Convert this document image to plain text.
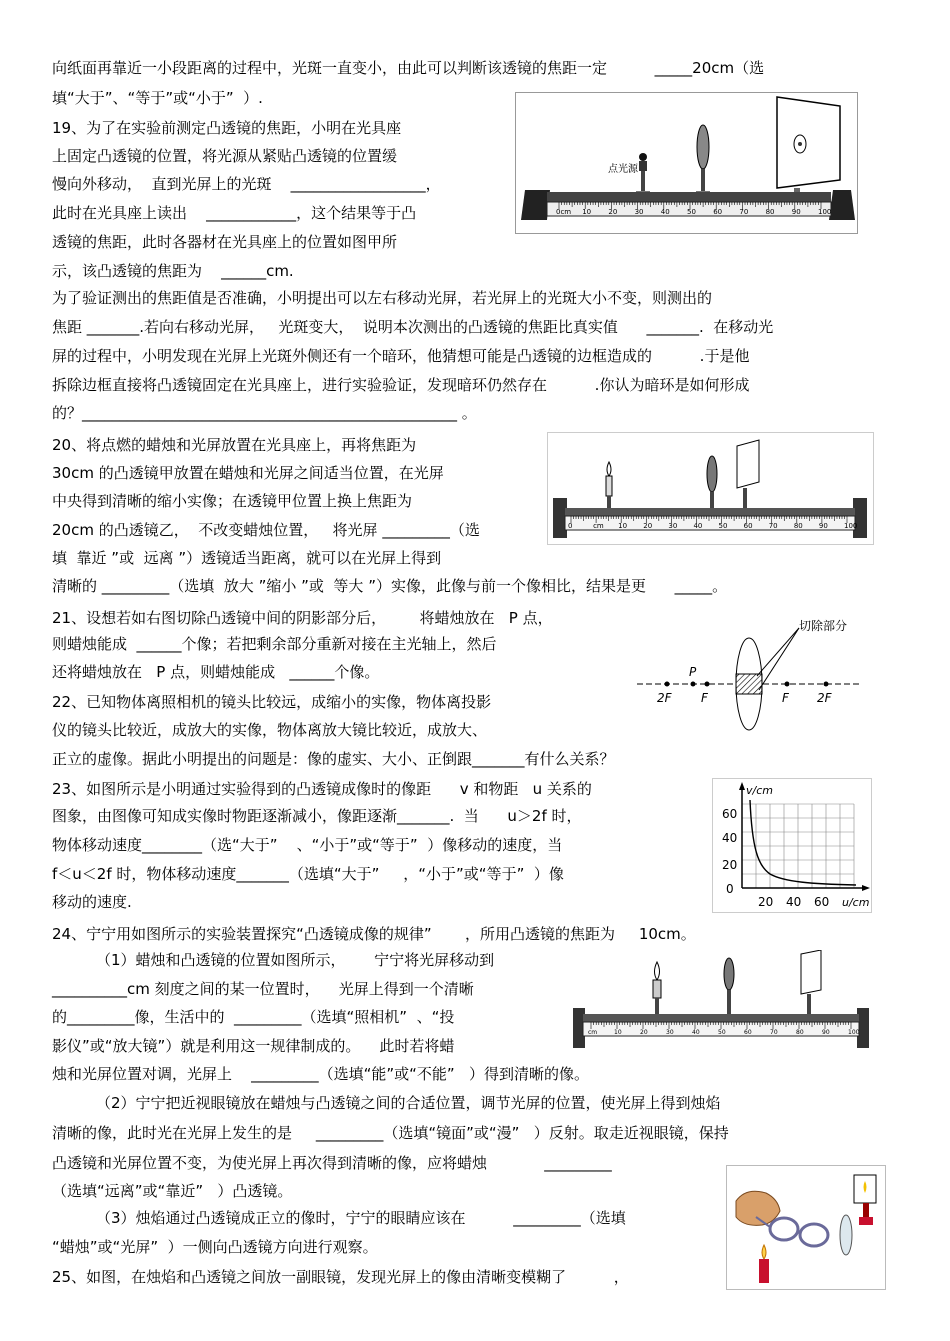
向纸面再靠近一小段距离的过程中，光斑一直变小，由此可以判断该透镜的焦距一定          _____20cm（选
填“大于”、“等于”或“小于”  ）.
19、为了在实验前测定凸透镜的焦距，小明在光具座
上固定凸透镜的位置，将光源从紧贴凸透镜的位置缓
慢向外移动，  直到光屏上的光斑    __________________，
此时在光具座上读出    ____________，这个结果等于凸
透镜的焦距，此时各器材在光具座上的位置如图甲所
示，该凸透镜的焦距为    ______cm.
为了验证测出的焦距值是否准确，小明提出可以左右移动光屏，若光屏上的光斑大小不变，则测出的
焦距 _______.若向右移动光屏，   光斑变大，  说明本次测出的凸透镜的焦距比真实值      _______.  在移动光
屏的过程中，小明发现在光屏上光斑外侧还有一个暗环，他猜想可能是凸透镜的边框造成的          .于是他
拆除边框直接将凸透镜固定在光具座上，进行实验验证，发现暗环仍然存在          .你认为暗环是如何形成
的？__________________________________________________ 。
20、将点燃的蜡烛和光屏放置在光具座上，再将焦距为
30cm 的凸透镜甲放置在蜡烛和光屏之间适当位置，在光屏
中央得到清晰的缩小实像；在透镜甲位置上换上焦距为
20cm 的凸透镜乙，  不改变蜡烛位置，   将光屏 _________（选
填  靠近 ”或  远离 ”）透镜适当距离，就可以在光屏上得到
清晰的 _________（选填  放大 ”缩小 ”或  等大 ”）实像，此像与前一个像相比，结果是更      _____。
21、设想若如右图切除凸透镜中间的阴影部分后，       将蜡烛放在   P 点，
则蜡烛能成  ______个像；若把剩余部分重新对接在主光轴上，然后
还将蜡烛放在   P 点，则蜡烛能成   ______个像。
22、已知物体离照相机的镜头比较远，成缩小的实像，物体离投影
仪的镜头比较近，成放大的实像，物体离放大镜比较近，成放大、
正立的虚像。据此小明提出的问题是：像的虚实、大小、正倒跟_______有什么关系？
23、如图所示是小明通过实验得到的凸透镜成像时的像距      v 和物距   u 关系的
图象，由图像可知成实像时物距逐渐减小，像距逐渐_______.  当      u＞2f 时，
物体移动速度________（选“大于”    、“小于”或“等于”  ）像移动的速度，当
f＜u＜2f 时，物体移动速度_______（选填“大于”     ，“小于”或“等于”  ）像
移动的速度.
24、宁宁用如图所示的实验装置探究“凸透镜成像的规律”       ，所用凸透镜的焦距为     10cm。
（1）蜡烛和凸透镜的位置如图所示，      宁宁将光屏移动到
__________cm 刻度之间的某一位置时，    光屏上得到一个清晰
的_________像，生活中的  _________（选填“照相机”  、“投
影仪”或“放大镜”）就是利用这一规律制成的。    此时若将蜡
烛和光屏位置对调，光屏上    _________（选填“能”或“不能”   ）得到清晰的像。
（2）宁宁把近视眼镜放在蜡烛与凸透镜之间的合适位置，调节光屏的位置，使光屏上得到烛焰
清晰的像，此时光在光屏上发生的是     _________（选填“镜面”或“漫”   ）反射。取走近视眼镜，保持
凸透镜和光屏位置不变，为使光屏上再次得到清晰的像，应将蜡烛            _________
（选填“远离”或“靠近”   ）凸透镜。
（3）烛焰通过凸透镜成正立的像时，宁宁的眼睛应该在          _________（选填
“蜡烛”或“光屏”  ）一侧向凸透镜方向进行观察。
25、如图，在烛焰和凸透镜之间放一副眼镜，发现光屏上的像由清晰变模糊了          ，
点光源
0cm 10 20 30 40 50 60 70 80 90 100
0	cm 10 20 30 40 50 60 70 80 90 100
切除部分
2F F
P
F 2F
v/cm
u/cm
60
40
20
0
20 40 60
cm	10	20	30	40	50	60	70	80	90	100
